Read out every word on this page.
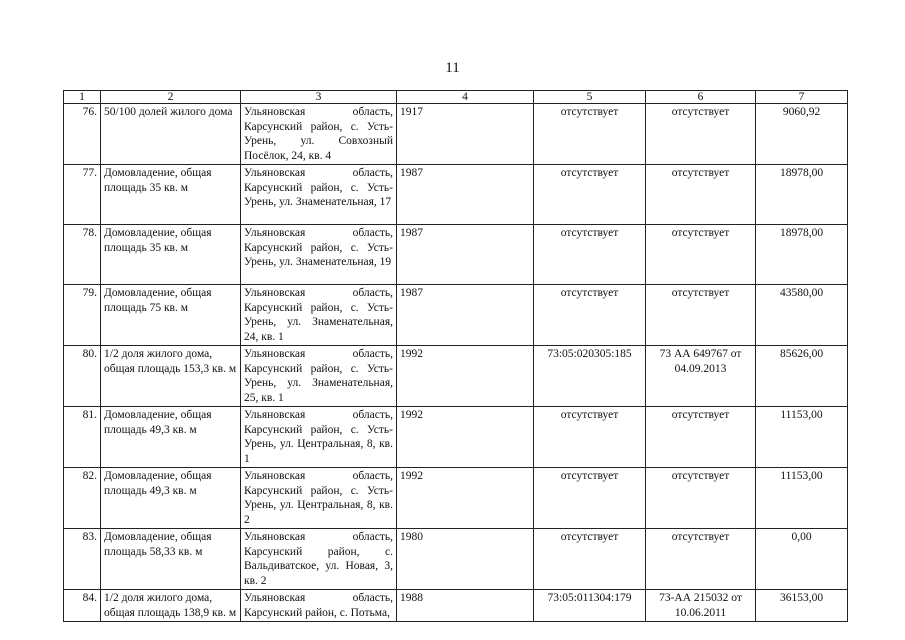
11
1	2	3	4	5	6	7
76.	50/100 долей жилого дома	Ульяновская область, Карсунский район, с. Усть-Урень, ул. Совхозный Посёлок, 24, кв. 4	1917	отсутствует	отсутствует	9060,92
77.	Домовладение, общая площадь 35 кв. м	Ульяновская область, Карсунский район, с. Усть-Урень, ул. Знаменательная, 17	1987	отсутствует	отсутствует	18978,00
78.	Домовладение, общая площадь 35 кв. м	Ульяновская область, Карсунский район, с. Усть-Урень, ул. Знаменательная, 19	1987	отсутствует	отсутствует	18978,00
79.	Домовладение, общая площадь 75 кв. м	Ульяновская область, Карсунский район, с. Усть-Урень, ул. Знаменательная, 24, кв. 1	1987	отсутствует	отсутствует	43580,00
80.	1/2 доля жилого дома, общая площадь 153,3 кв. м	Ульяновская область, Карсунский район, с. Усть-Урень, ул. Знаменательная, 25, кв. 1	1992	73:05:020305:185	73 АА 649767 от 04.09.2013	85626,00
81.	Домовладение, общая площадь 49,3 кв. м	Ульяновская область, Карсунский район, с. Усть-Урень, ул. Центральная, 8, кв. 1	1992	отсутствует	отсутствует	11153,00
82.	Домовладение, общая площадь 49,3 кв. м	Ульяновская область, Карсунский район, с. Усть-Урень, ул. Центральная, 8, кв. 2	1992	отсутствует	отсутствует	11153,00
83.	Домовладение, общая площадь 58,33 кв. м	Ульяновская область, Карсунский район, с. Вальдиватское, ул. Новая, 3, кв. 2	1980	отсутствует	отсутствует	0,00
84.	1/2 доля жилого дома, общая площадь 138,9 кв. м	Ульяновская область, Карсунский район, с. Потьма,	1988	73:05:011304:179	73-АА 215032 от 10.06.2011	36153,00
